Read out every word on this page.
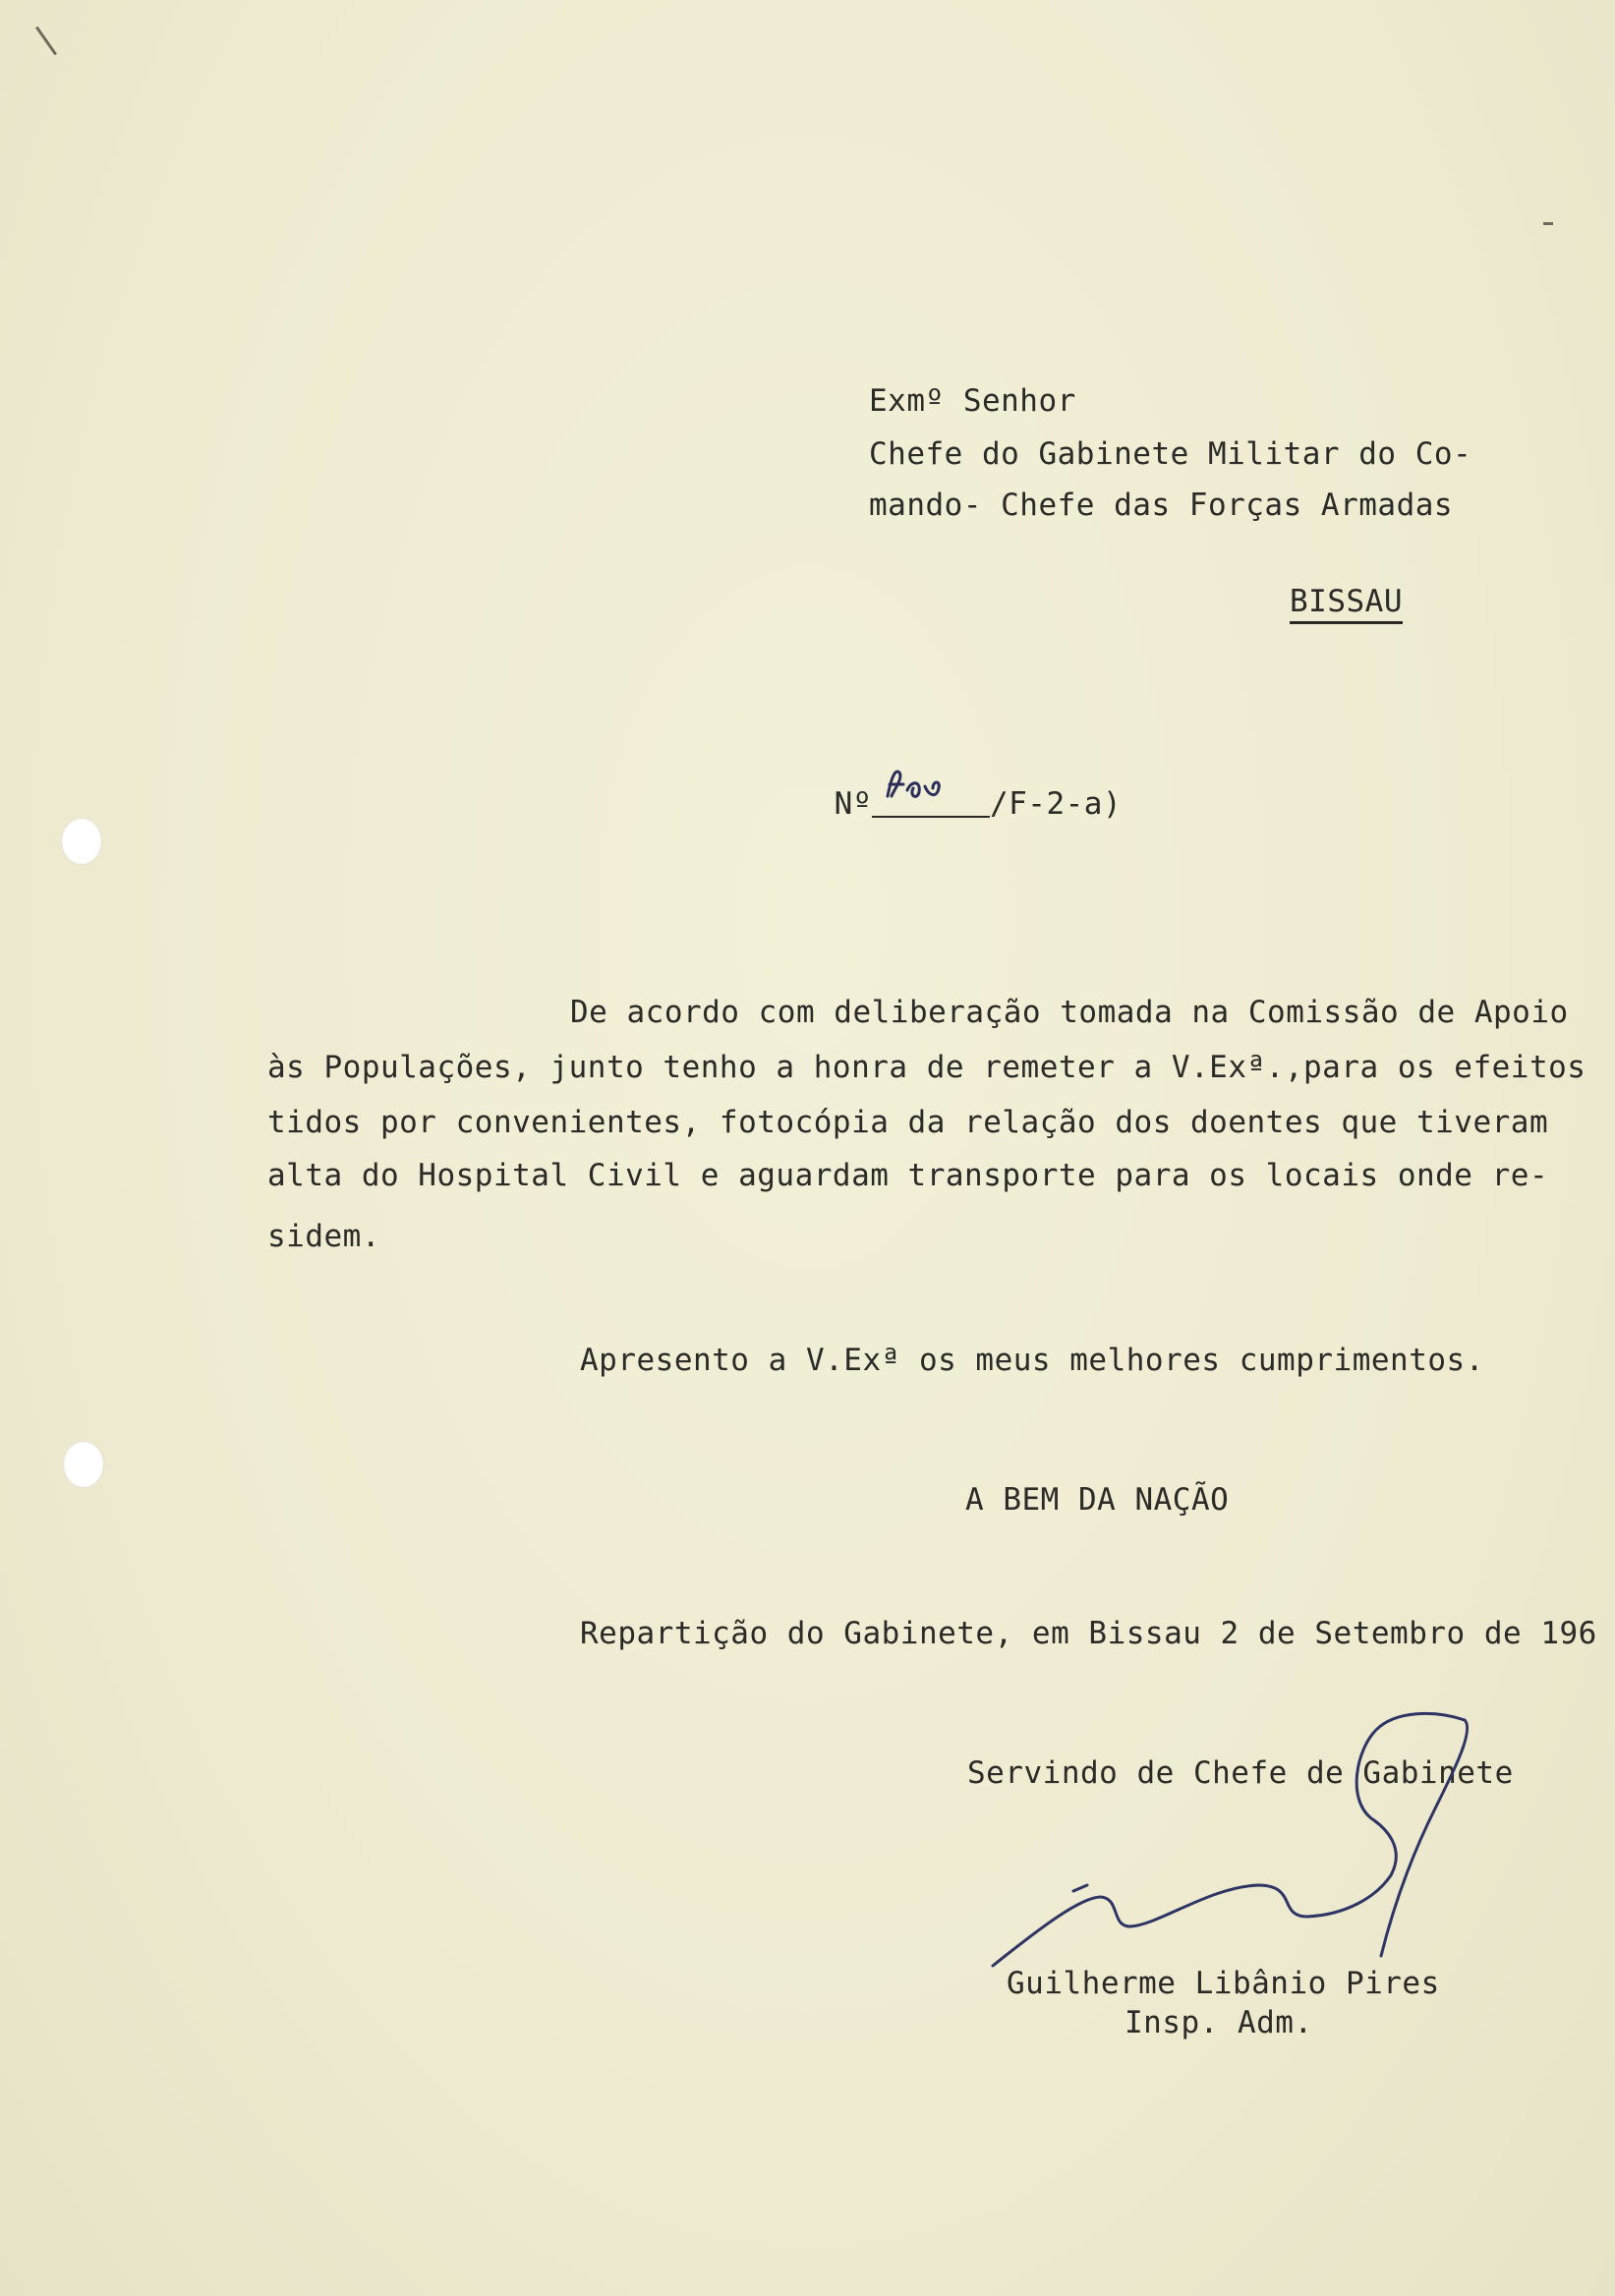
Exmº Senhor
Chefe do Gabinete Militar do Co-
mando- Chefe das Forças Armadas
BISSAU

Nº	/F-2-a)

De acordo com deliberação tomada na Comissão de Apoio
às Populações, junto tenho a honra de remeter a V.Exª.,para os efeitos
tidos por convenientes, fotocópia da relação dos doentes que tiveram
alta do Hospital Civil e aguardam transporte para os locais onde re-
sidem.
Apresento a V.Exª os meus melhores cumprimentos.
A BEM DA NAÇÃO
Repartição do Gabinete, em Bissau 2 de Setembro de 196
Servindo de Chefe de Gabinete
Guilherme Libânio Pires
Insp. Adm.
